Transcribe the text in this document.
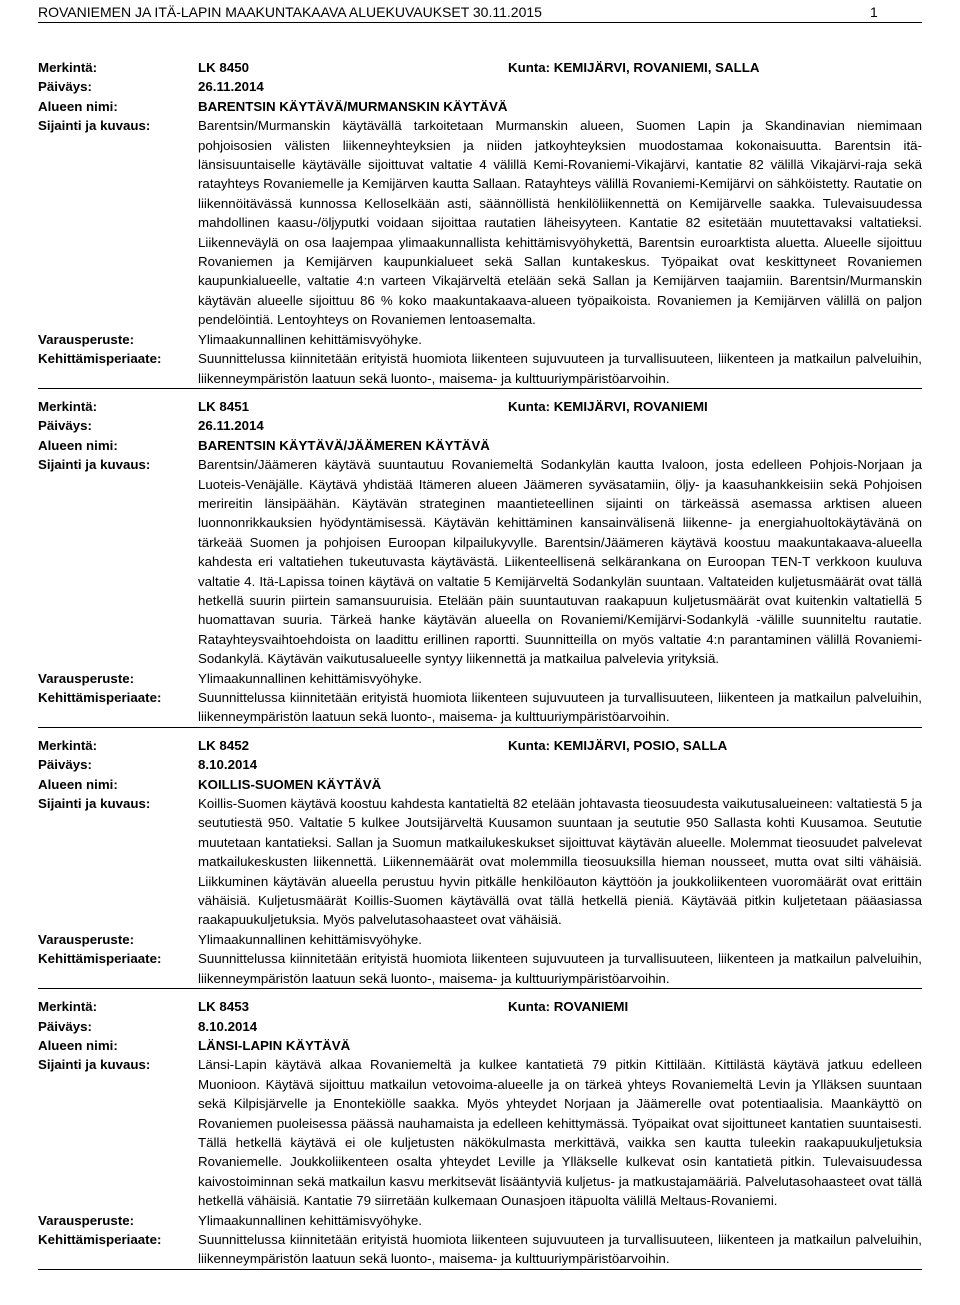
ROVANIEMEN JA ITÄ-LAPIN MAAKUNTAKAAVA ALUEKUVAUKSET 30.11.2015	1
Merkintä:	LK 8450	Kunta: KEMIJÄRVI, ROVANIEMI, SALLA
Päiväys:	26.11.2014
Alueen nimi:	BARENTSIN KÄYTÄVÄ/MURMANSKIN KÄYTÄVÄ
Sijainti ja kuvaus:	Barentsin/Murmanskin käytävällä tarkoitetaan Murmanskin alueen, Suomen Lapin ja Skandinavian niemimaan pohjoisosien välisten liikenneyhteyksien ja niiden jatkoyhteyksien muodostamaa kokonaisuutta. Barentsin itä-länsisuuntaiselle käytävälle sijoittuvat valtatie 4 välillä Kemi-Rovaniemi-Vikajärvi, kantatie 82 välillä Vikajärvi-raja sekä ratayhteys Rovaniemelle ja Kemijärven kautta Sallaan. Ratayhteys välillä Rovaniemi-Kemijärvi on sähköistetty. Rautatie on liikennöitävässä kunnossa Kelloselkään asti, säännöllistä henkilöliikennettä on Kemijärvelle saakka. Tulevaisuudessa mahdollinen kaasu-/öljyputki voidaan sijoittaa rautatien läheisyyteen. Kantatie 82 esitetään muutettavaksi valtatieksi. Liikenneväylä on osa laajempaa ylimaakunnallista kehittämisvyöhykettä, Barentsin euroarktista aluetta. Alueelle sijoittuu Rovaniemen ja Kemijärven kaupunkialueet sekä Sallan kuntakeskus. Työpaikat ovat keskittyneet Rovaniemen kaupunkialueelle, valtatie 4:n varteen Vikajärveltä etelään sekä Sallan ja Kemijärven taajamiin. Barentsin/Murmanskin käytävän alueelle sijoittuu 86 % koko maakuntakaava-alueen työpaikoista. Rovaniemen ja Kemijärven välillä on paljon pendelöintiä. Lentoyhteys on Rovaniemen lentoasemalta.
Varausperuste:	Ylimaakunnallinen kehittämisvyöhyke.
Kehittämisperiaate:	Suunnittelussa kiinnitetään erityistä huomiota liikenteen sujuvuuteen ja turvallisuuteen, liikenteen ja matkailun palveluihin, liikenneympäristön laatuun sekä luonto-, maisema- ja kulttuuriympäristöarvoihin.
Merkintä:	LK 8451	Kunta: KEMIJÄRVI, ROVANIEMI
Päiväys:	26.11.2014
Alueen nimi:	BARENTSIN KÄYTÄVÄ/JÄÄMEREN KÄYTÄVÄ
Sijainti ja kuvaus:	Barentsin/Jäämeren käytävä suuntautuu Rovaniemeltä Sodankylän kautta Ivaloon, josta edelleen Pohjois-Norjaan ja Luoteis-Venäjälle. Käytävä yhdistää Itämeren alueen Jäämeren syväsatamiin, öljy- ja kaasuhankkeisiin sekä Pohjoisen merireitin länsipäähän. Käytävän strateginen maantieteellinen sijainti on tärkeässä asemassa arktisen alueen luonnonrikkauksien hyödyntämisessä. Käytävän kehittäminen kansainvälisenä liikenne- ja energiahuoltokäytävänä on tärkeää Suomen ja pohjoisen Euroopan kilpailukyvylle. Barentsin/Jäämeren käytävä koostuu maakuntakaava-alueella kahdesta eri valtatiehen tukeutuvasta käytävästä. Liikenteellisenä selkärankana on Euroopan TEN-T verkkoon kuuluva valtatie 4. Itä-Lapissa toinen käytävä on valtatie 5 Kemijärveltä Sodankylän suuntaan. Valtateiden kuljetusmäärät ovat tällä hetkellä suurin piirtein samansuuruisia. Etelään päin suuntautuvan raakapuun kuljetusmäärät ovat kuitenkin valtatiellä 5 huomattavan suuria. Tärkeä hanke käytävän alueella on Rovaniemi/Kemijärvi-Sodankylä -välille suunniteltu rautatie. Ratayhteysvaihtoehdoista on laadittu erillinen raportti. Suunnitteilla on myös valtatie 4:n parantaminen välillä Rovaniemi-Sodankylä. Käytävän vaikutusalueelle syntyy liikennettä ja matkailua palvelevia yrityksiä.
Varausperuste:	Ylimaakunnallinen kehittämisvyöhyke.
Kehittämisperiaate:	Suunnittelussa kiinnitetään erityistä huomiota liikenteen sujuvuuteen ja turvallisuuteen, liikenteen ja matkailun palveluihin, liikenneympäristön laatuun sekä luonto-, maisema- ja kulttuuriympäristöarvoihin.
Merkintä:	LK 8452	Kunta: KEMIJÄRVI, POSIO, SALLA
Päiväys:	8.10.2014
Alueen nimi:	KOILLIS-SUOMEN KÄYTÄVÄ
Sijainti ja kuvaus:	Koillis-Suomen käytävä koostuu kahdesta kantatieltä 82 etelään johtavasta tieosuudesta vaikutusalueineen: valtatiestä 5 ja seututiestä 950. Valtatie 5 kulkee Joutsijärveltä Kuusamon suuntaan ja seututie 950 Sallasta kohti Kuusamoa. Seututie muutetaan kantatieksi. Sallan ja Suomun matkailukeskukset sijoittuvat käytävän alueelle. Molemmat tieosuudet palvelevat matkailukeskusten liikennettä. Liikennemäärät ovat molemmilla tieosuuksilla hieman nousseet, mutta ovat silti vähäisiä. Liikkuminen käytävän alueella perustuu hyvin pitkälle henkilöauton käyttöön ja joukkoliikenteen vuoromäärät ovat erittäin vähäisiä. Kuljetusmäärät Koillis-Suomen käytävällä ovat tällä hetkellä pieniä. Käytävää pitkin kuljetetaan pääasiassa raakapuukuljetuksia. Myös palvelutasohaasteet ovat vähäisiä.
Varausperuste:	Ylimaakunnallinen kehittämisvyöhyke.
Kehittämisperiaate:	Suunnittelussa kiinnitetään erityistä huomiota liikenteen sujuvuuteen ja turvallisuuteen, liikenteen ja matkailun palveluihin, liikenneympäristön laatuun sekä luonto-, maisema- ja kulttuuriympäristöarvoihin.
Merkintä:	LK 8453	Kunta: ROVANIEMI
Päiväys:	8.10.2014
Alueen nimi:	LÄNSI-LAPIN KÄYTÄVÄ
Sijainti ja kuvaus:	Länsi-Lapin käytävä alkaa Rovaniemeltä ja kulkee kantatietä 79 pitkin Kittilään. Kittilästä käytävä jatkuu edelleen Muonioon. Käytävä sijoittuu matkailun vetovoima-alueelle ja on tärkeä yhteys Rovaniemeltä Levin ja Ylläksen suuntaan sekä Kilpisjärvelle ja Enontekiölle saakka. Myös yhteydet Norjaan ja Jäämerelle ovat potentiaalisia. Maankäyttö on Rovaniemen puoleisessa päässä nauhamaista ja edelleen kehittymässä. Työpaikat ovat sijoittuneet kantatien suuntaisesti. Tällä hetkellä käytävä ei ole kuljetusten näkökulmasta merkittävä, vaikka sen kautta tuleekin raakapuukuljetuksia Rovaniemelle. Joukkoliikenteen osalta yhteydet Leville ja Ylläkselle kulkevat osin kantatietä pitkin. Tulevaisuudessa kaivostoiminnan sekä matkailun kasvu merkitsevät lisääntyviä kuljetus- ja matkustajamääriä. Palvelutasohaasteet ovat tällä hetkellä vähäisiä. Kantatie 79 siirretään kulkemaan Ounasjoen itäpuolta välillä Meltaus-Rovaniemi.
Varausperuste:	Ylimaakunnallinen kehittämisvyöhyke.
Kehittämisperiaate:	Suunnittelussa kiinnitetään erityistä huomiota liikenteen sujuvuuteen ja turvallisuuteen, liikenteen ja matkailun palveluihin, liikenneympäristön laatuun sekä luonto-, maisema- ja kulttuuriympäristöarvoihin.
